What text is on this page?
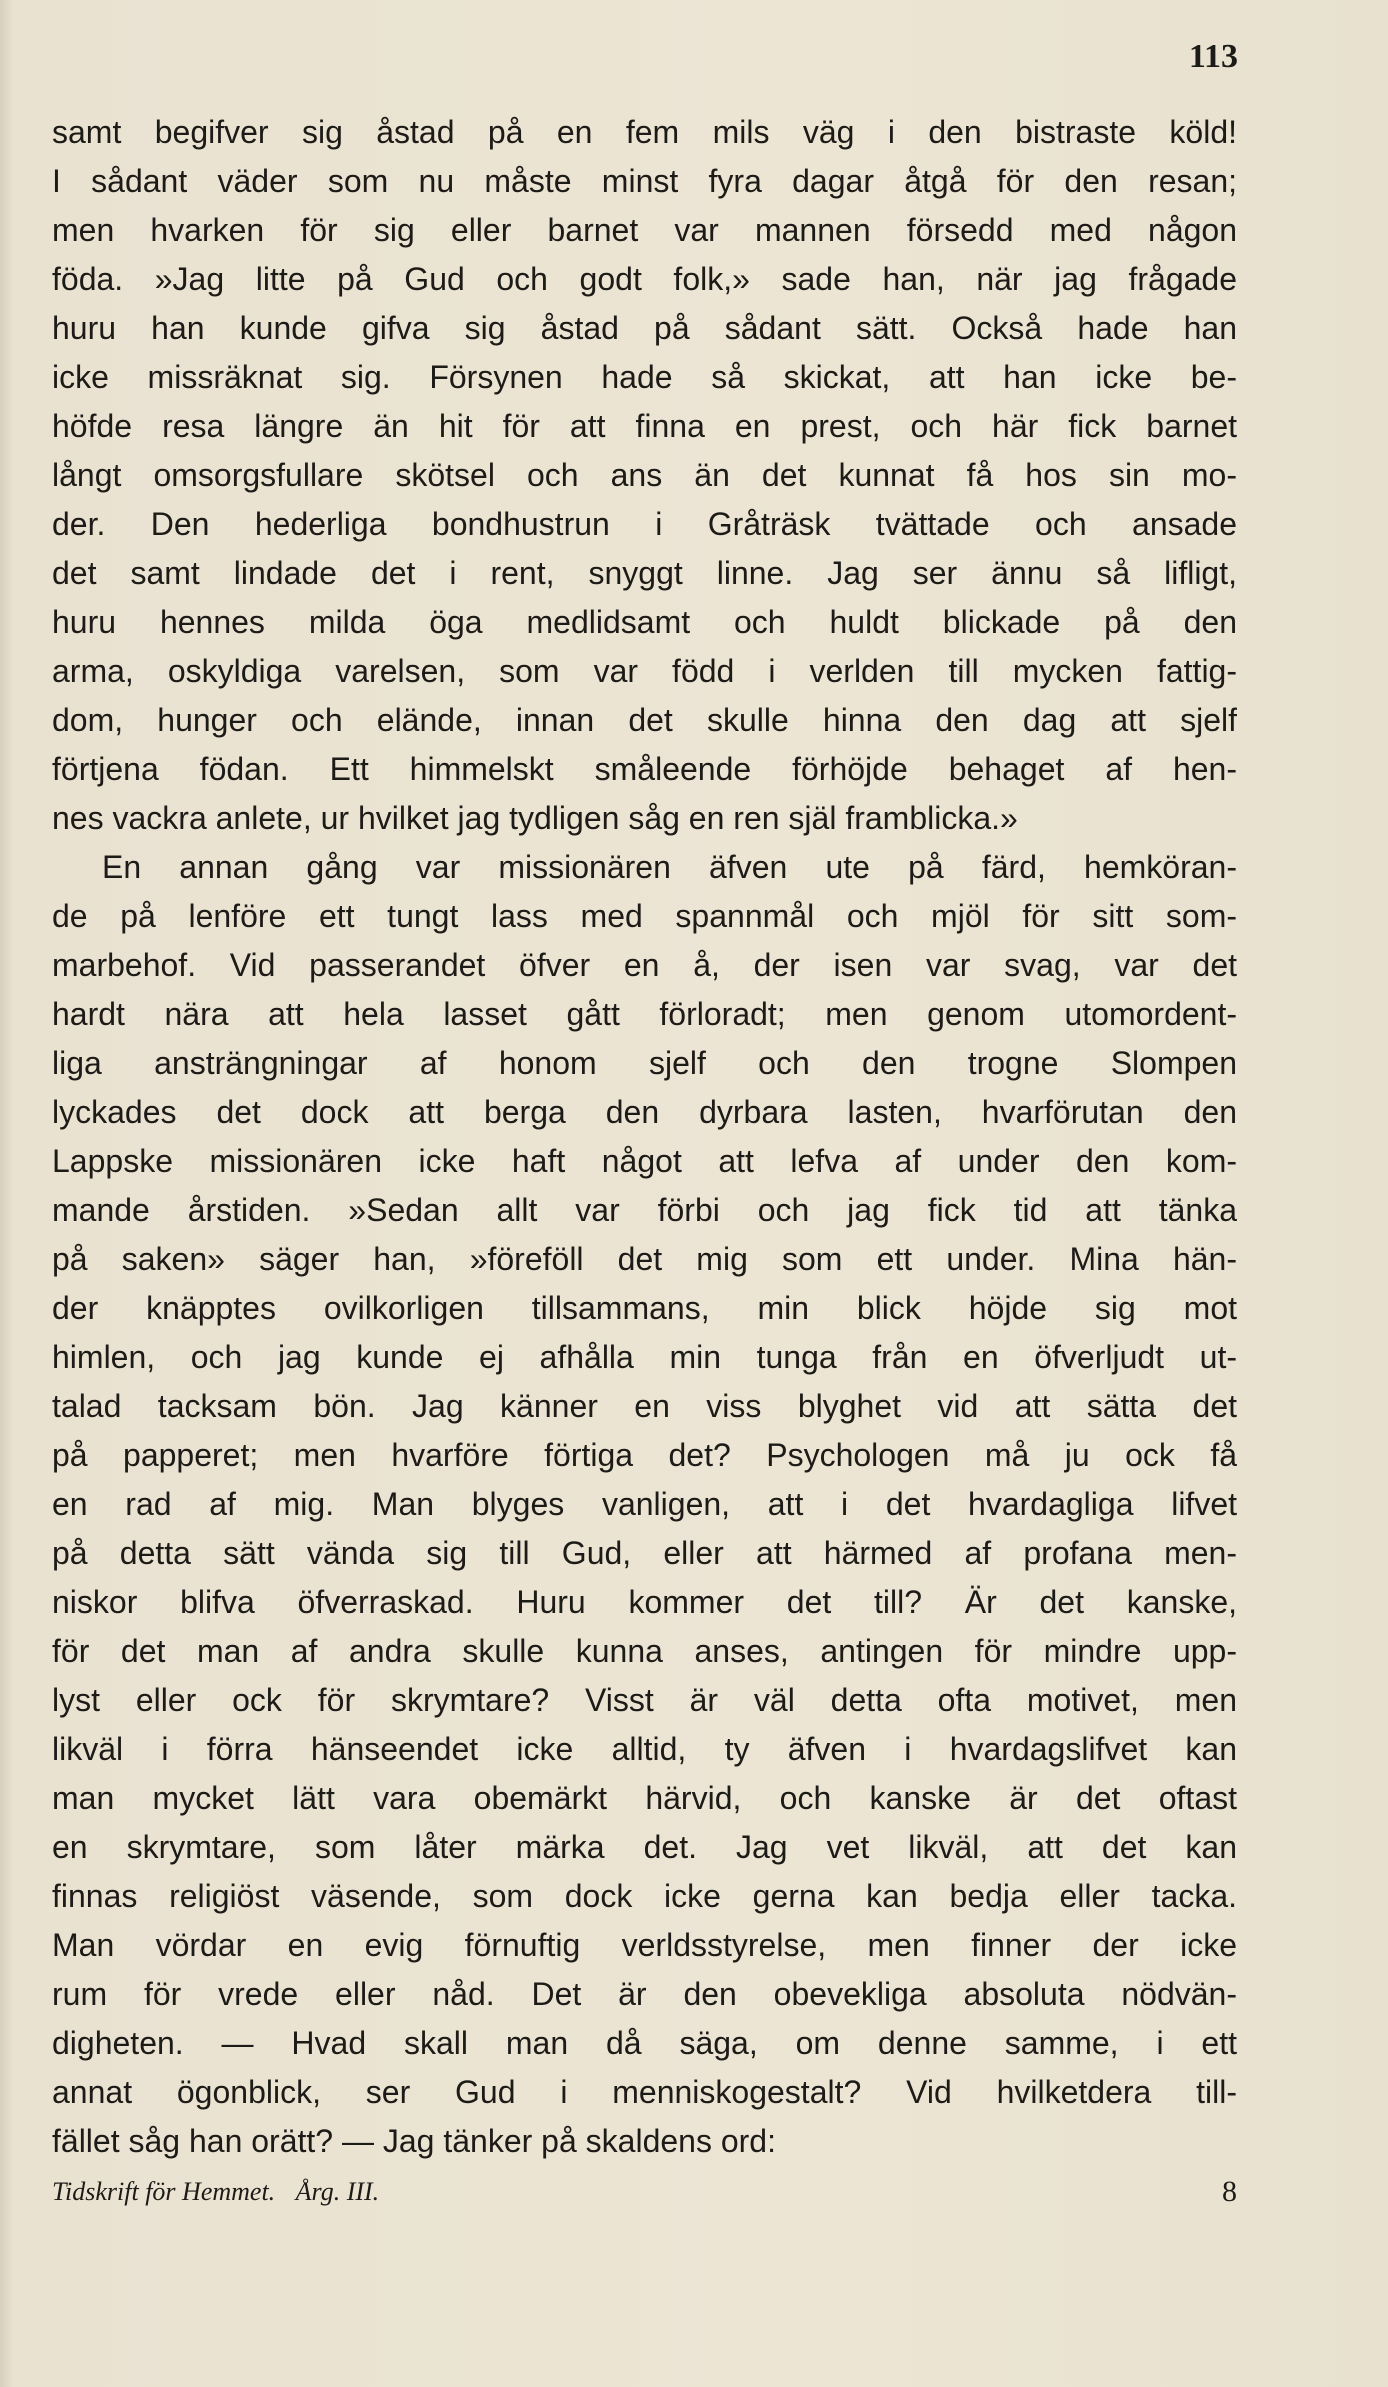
113
samt begifver sig åstad på en fem mils väg i den bistraste köld!
I sådant väder som nu måste minst fyra dagar åtgå för den resan;
men hvarken för sig eller barnet var mannen försedd med någon
föda. »Jag litte på Gud och godt folk,» sade han, när jag frågade
huru han kunde gifva sig åstad på sådant sätt. Också hade han
icke missräknat sig. Försynen hade så skickat, att han icke be-
höfde resa längre än hit för att finna en prest, och här fick barnet
långt omsorgsfullare skötsel och ans än det kunnat få hos sin mo-
der. Den hederliga bondhustrun i Gråträsk tvättade och ansade
det samt lindade det i rent, snyggt linne. Jag ser ännu så lifligt,
huru hennes milda öga medlidsamt och huldt blickade på den
arma, oskyldiga varelsen, som var född i verlden till mycken fattig-
dom, hunger och elände, innan det skulle hinna den dag att sjelf
förtjena födan. Ett himmelskt småleende förhöjde behaget af hen-
nes vackra anlete, ur hvilket jag tydligen såg en ren själ framblicka.»
En annan gång var missionären äfven ute på färd, hemköran-
de på lenföre ett tungt lass med spannmål och mjöl för sitt som-
marbehof. Vid passerandet öfver en å, der isen var svag, var det
hardt nära att hela lasset gått förloradt; men genom utomordent-
liga ansträngningar af honom sjelf och den trogne Slompen
lyckades det dock att berga den dyrbara lasten, hvarförutan den
Lappske missionären icke haft något att lefva af under den kom-
mande årstiden. »Sedan allt var förbi och jag fick tid att tänka
på saken» säger han, »föreföll det mig som ett under. Mina hän-
der knäpptes ovilkorligen tillsammans, min blick höjde sig mot
himlen, och jag kunde ej afhålla min tunga från en öfverljudt ut-
talad tacksam bön. Jag känner en viss blyghet vid att sätta det
på papperet; men hvarföre förtiga det? Psychologen må ju ock få
en rad af mig. Man blyges vanligen, att i det hvardagliga lifvet
på detta sätt vända sig till Gud, eller att härmed af profana men-
niskor blifva öfverraskad. Huru kommer det till? Är det kanske,
för det man af andra skulle kunna anses, antingen för mindre upp-
lyst eller ock för skrymtare? Visst är väl detta ofta motivet, men
likväl i förra hänseendet icke alltid, ty äfven i hvardagslifvet kan
man mycket lätt vara obemärkt härvid, och kanske är det oftast
en skrymtare, som låter märka det. Jag vet likväl, att det kan
finnas religiöst väsende, som dock icke gerna kan bedja eller tacka.
Man vördar en evig förnuftig verldsstyrelse, men finner der icke
rum för vrede eller nåd. Det är den obevekliga absoluta nödvän-
digheten. — Hvad skall man då säga, om denne samme, i ett
annat ögonblick, ser Gud i menniskogestalt? Vid hvilketdera till-
fället såg han orätt? — Jag tänker på skaldens ord:
Tidskrift för Hemmet. Årg. III.	8
